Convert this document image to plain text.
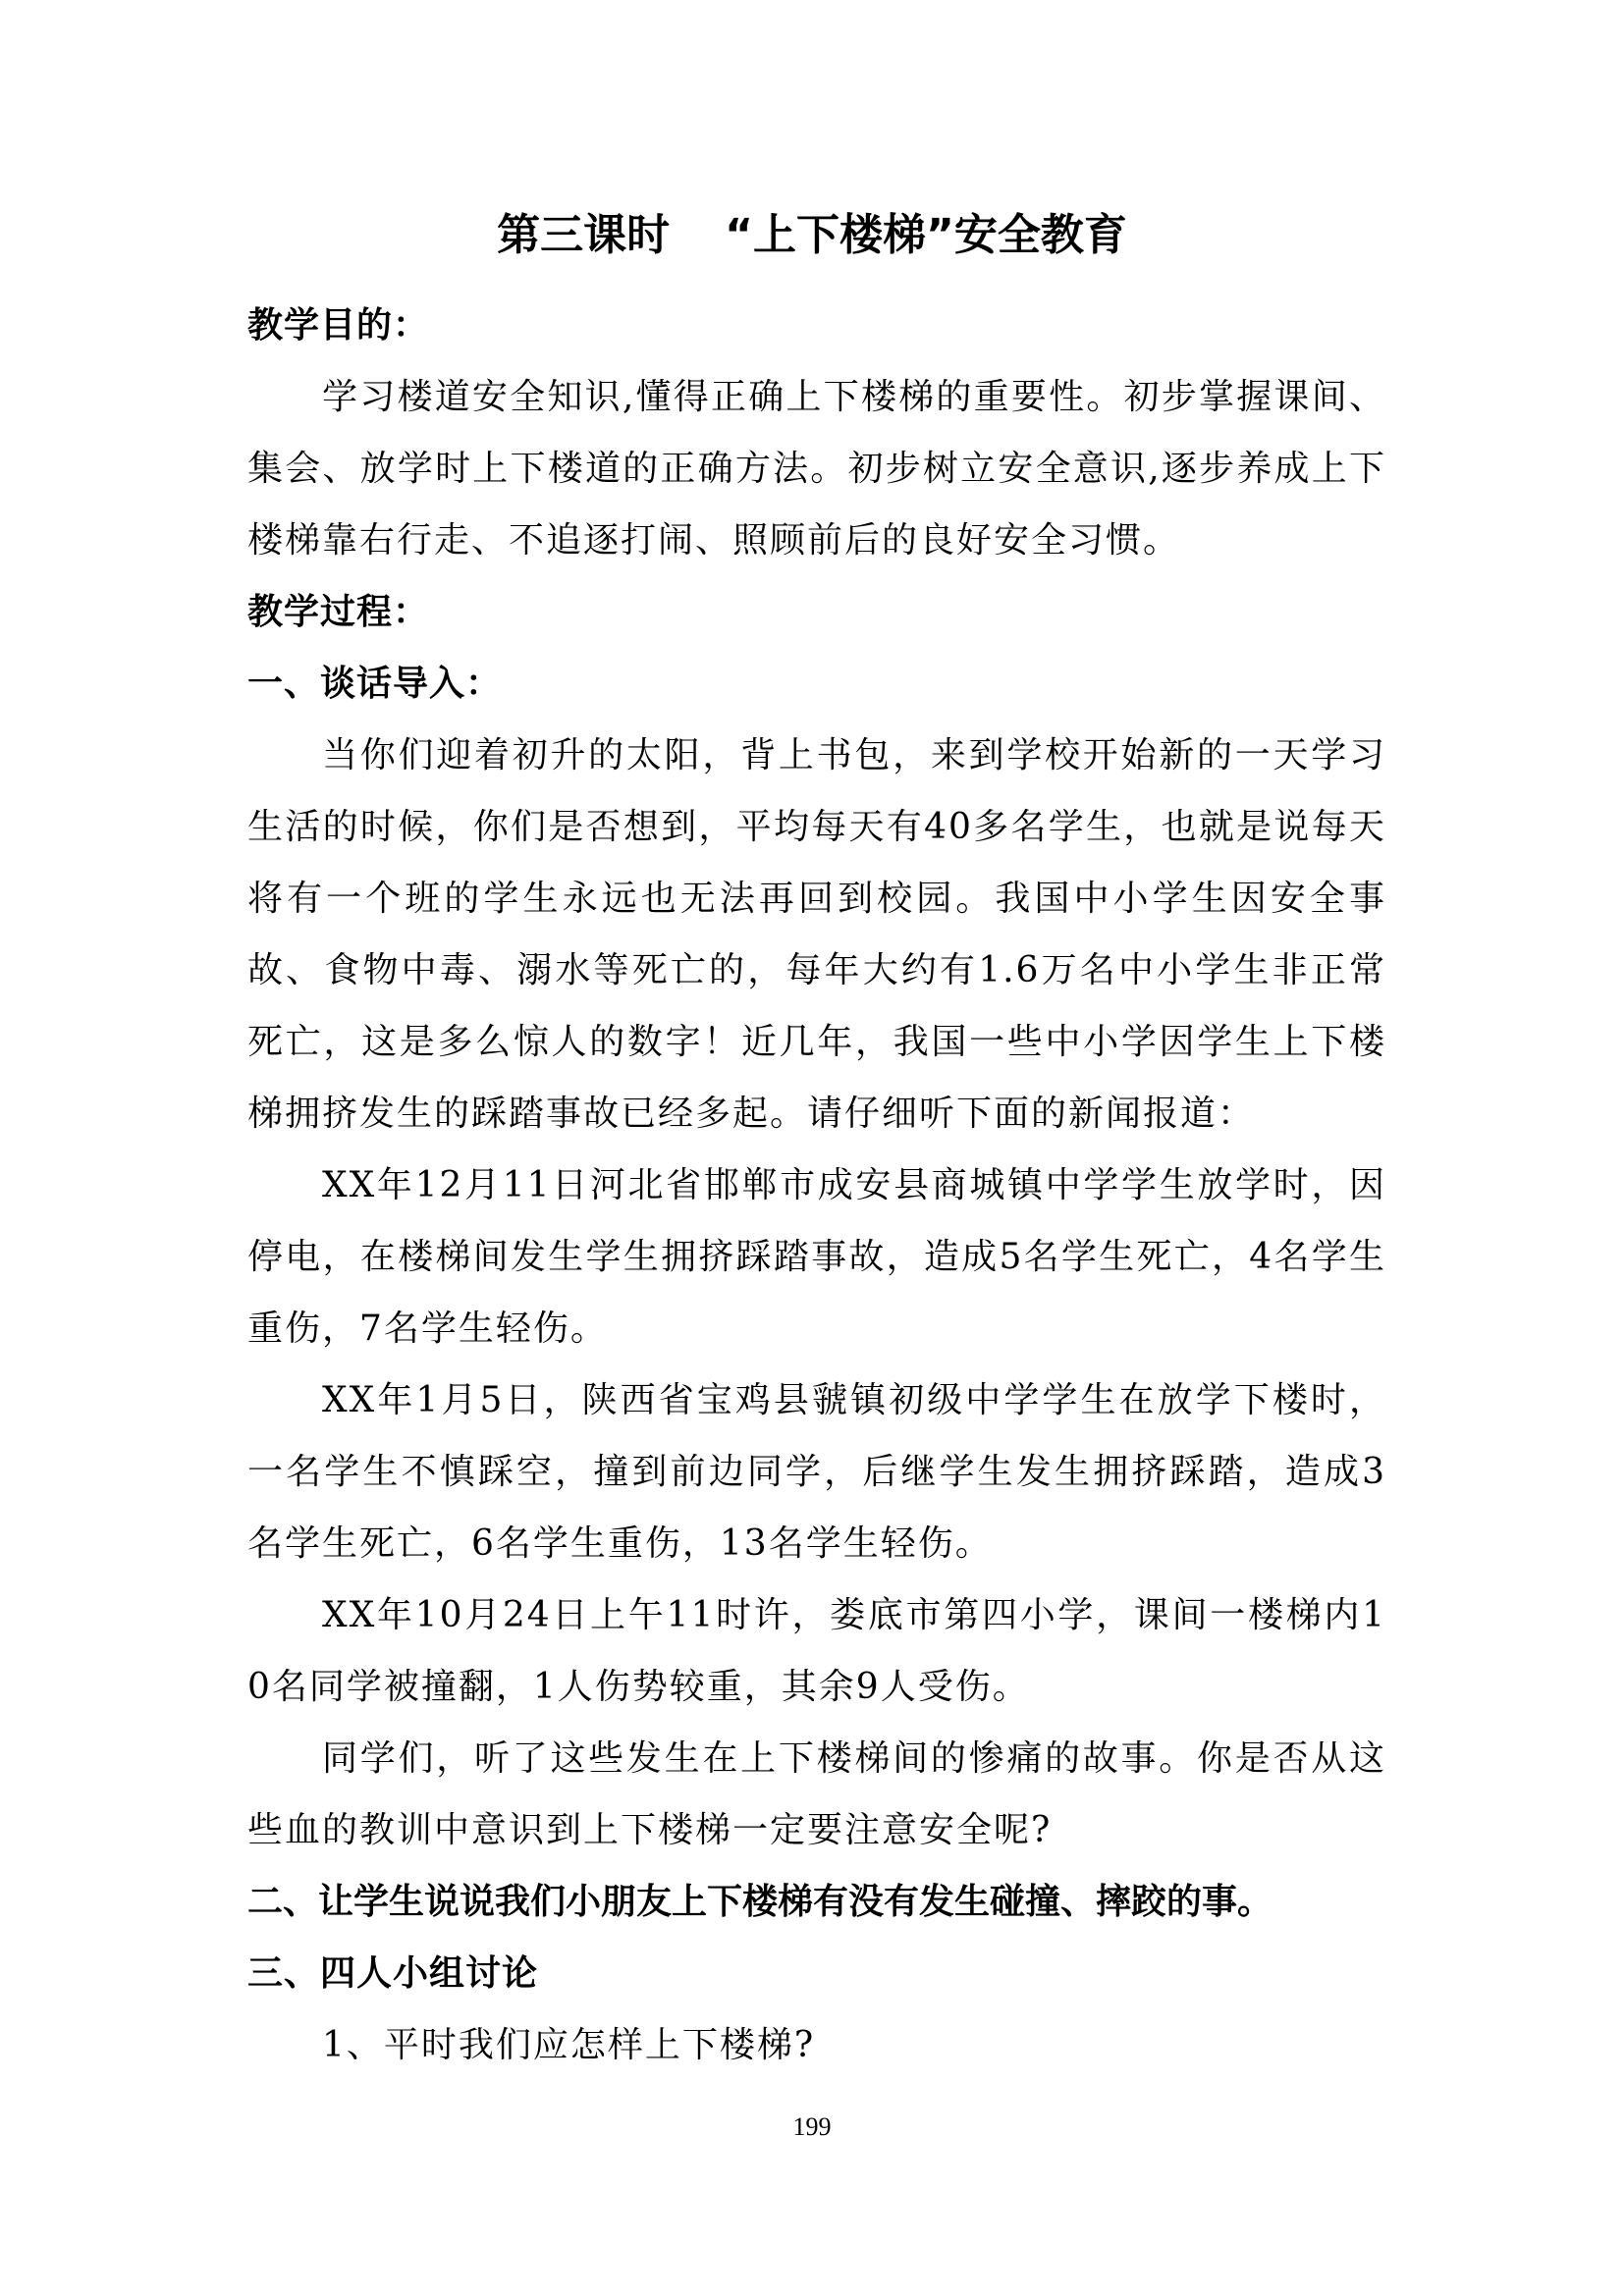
第三课时 “上下楼梯”安全教育

教学目的：

学习楼道安全知识,懂得正确上下楼梯的重要性。初步掌握课间、集会、放学时上下楼道的正确方法。初步树立安全意识,逐步养成上下楼梯靠右行走、不追逐打闹、照顾前后的良好安全习惯。

教学过程：

一、谈话导入：

当你们迎着初升的太阳，背上书包，来到学校开始新的一天学习生活的时候，你们是否想到，平均每天有40多名学生，也就是说每天将有一个班的学生永远也无法再回到校园。我国中小学生因安全事故、食物中毒、溺水等死亡的，每年大约有1.6万名中小学生非正常死亡，这是多么惊人的数字！近几年，我国一些中小学因学生上下楼梯拥挤发生的踩踏事故已经多起。请仔细听下面的新闻报道：

XX年12月11日河北省邯郸市成安县商城镇中学学生放学时，因停电，在楼梯间发生学生拥挤踩踏事故，造成5名学生死亡，4名学生重伤，7名学生轻伤。

XX年1月5日，陕西省宝鸡县虢镇初级中学学生在放学下楼时，一名学生不慎踩空，撞到前边同学，后继学生发生拥挤踩踏，造成3名学生死亡，6名学生重伤，13名学生轻伤。

XX年10月24日上午11时许，娄底市第四小学，课间一楼梯内10名同学被撞翻，1人伤势较重，其余9人受伤。

同学们，听了这些发生在上下楼梯间的惨痛的故事。你是否从这些血的教训中意识到上下楼梯一定要注意安全呢?

二、让学生说说我们小朋友上下楼梯有没有发生碰撞、摔跤的事。

三、四人小组讨论

1、平时我们应怎样上下楼梯?

199
